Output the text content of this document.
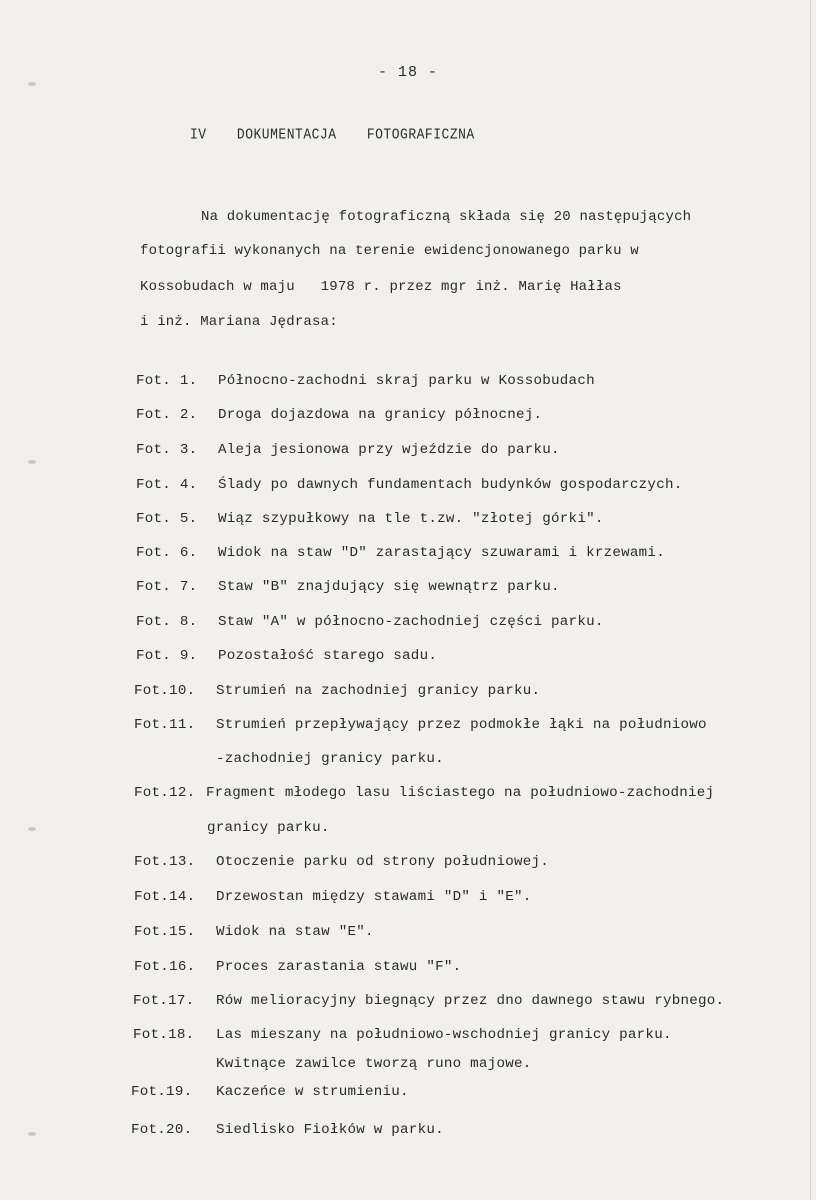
- 18 -
IV DOKUMENTACJA FOTOGRAFICZNA
Na dokumentację fotograficzną składa się 20 następujących
fotografii wykonanych na terenie ewidencjonowanego parku w
Kossobudach w maju   1978 r. przez mgr inż. Marię Hałłas
i inż. Mariana Jędrasa:
Fot. 1. Północno-zachodni skraj parku w Kossobudach
Fot. 2. Droga dojazdowa na granicy północnej.
Fot. 3. Aleja jesionowa przy wjeździe do parku.
Fot. 4. Ślady po dawnych fundamentach budynków gospodarczych.
Fot. 5. Wiąz szypułkowy na tle t.zw. "złotej górki".
Fot. 6. Widok na staw "D" zarastający szuwarami i krzewami.
Fot. 7. Staw "B" znajdujący się wewnątrz parku.
Fot. 8. Staw "A" w północno-zachodniej części parku.
Fot. 9. Pozostałość starego sadu.
Fot.10. Strumień na zachodniej granicy parku.
Fot.11. Strumień przepływający przez podmokłe łąki na południowo
-zachodniej granicy parku.
Fot.12. Fragment młodego lasu liściastego na południowo-zachodniej
granicy parku.
Fot.13. Otoczenie parku od strony południowej.
Fot.14. Drzewostan między stawami "D" i "E".
Fot.15. Widok na staw "E".
Fot.16. Proces zarastania stawu "F".
Fot.17. Rów melioracyjny biegnący przez dno dawnego stawu rybnego.
Fot.18. Las mieszany na południowo-wschodniej granicy parku.
Kwitnące zawilce tworzą runo majowe.
Fot.19. Kaczeńce w strumieniu.
Fot.20. Siedlisko Fiołków w parku.
